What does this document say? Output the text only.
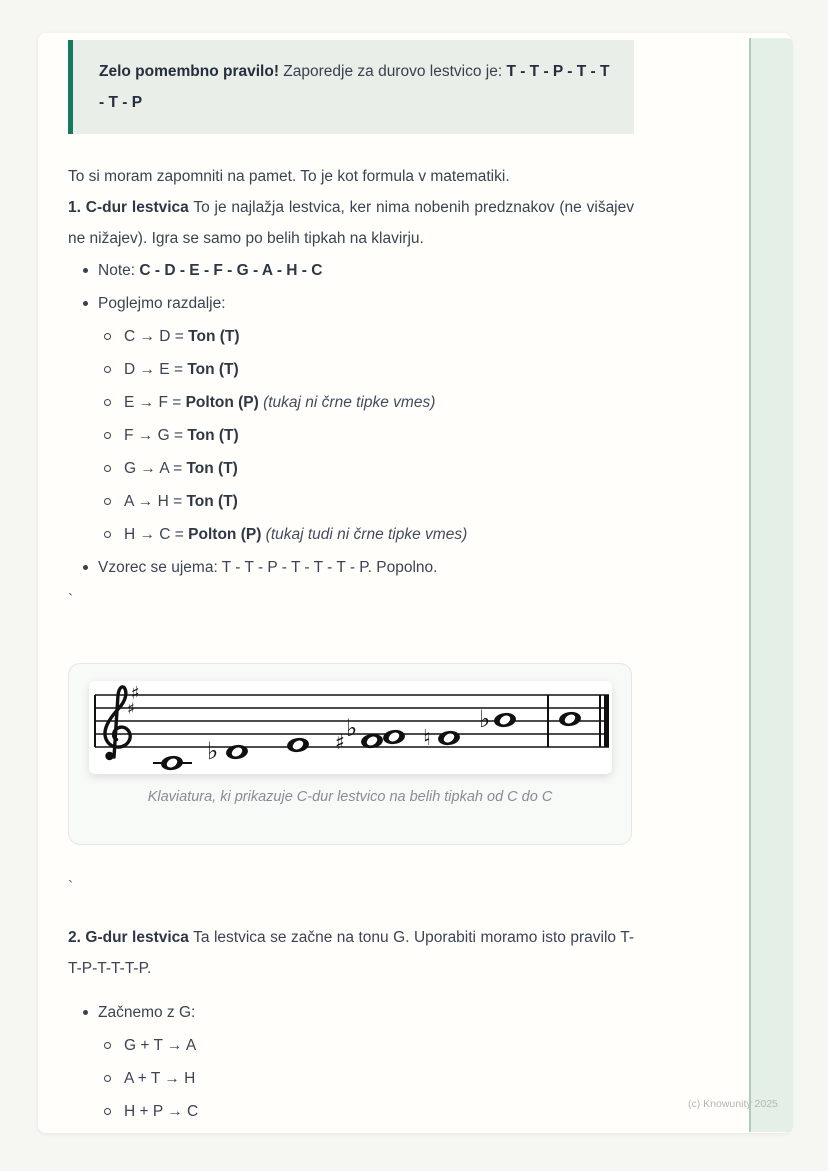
Zelo pomembno pravilo! Zaporedje za durovo lestvico je: T - T - P - T - T - T - P

To si moram zapomniti na pamet. To je kot formula v matematiki.

1. C-dur lestvica To je najlažja lestvica, ker nima nobenih predznakov (ne višajev ne nižajev). Igra se samo po belih tipkah na klavirju.

Note: C - D - E - F - G - A - H - C
Poglejmo razdalje:
C → D = Ton (T)
D → E = Ton (T)
E → F = Polton (P) (tukaj ni črne tipke vmes)
F → G = Ton (T)
G → A = Ton (T)
A → H = Ton (T)
H → C = Polton (P) (tukaj tudi ni črne tipke vmes)
Vzorec se ujema: T - T - P - T - T - T - P. Popolno.

`

♯
♯
♭	♯ ♭	♮
♭
Klaviatura, ki prikazuje C-dur lestvico na belih tipkah od C do C

`

2. G-dur lestvica Ta lestvica se začne na tonu G. Uporabiti moramo isto pravilo T-T-P-T-T-T-P.

Začnemo z G:
G + T → A
A + T → H
H + P → C	(c) Knowunity 2025
